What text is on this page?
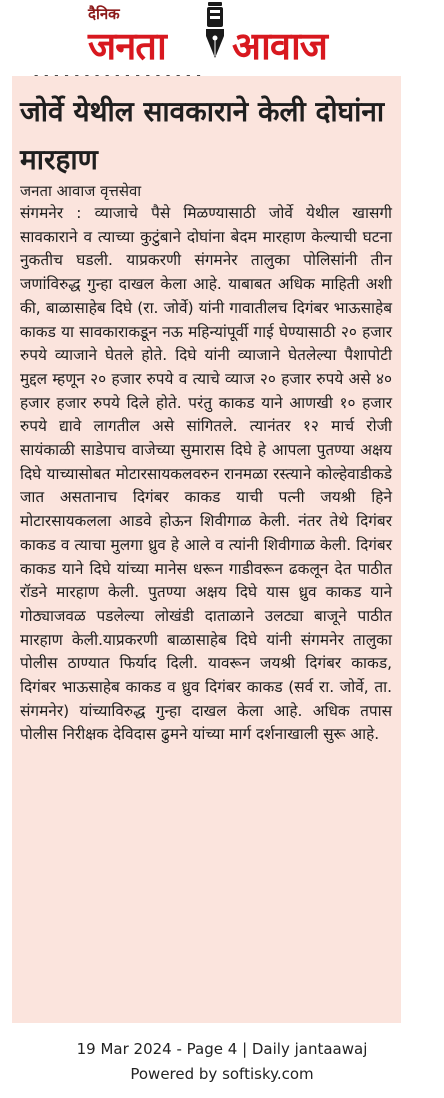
दैनिक
जनता आवाज
- - - - - - - - - - - - - - - - -
जोर्वे येथील सावकाराने केली दोघांना मारहाण
जनता आवाज वृत्तसेवा

संगमनेर : व्याजाचे पैसे मिळण्यासाठी जोर्वे येथील खासगी सावकाराने व त्याच्या कुटुंबाने दोघांना बेदम मारहाण केल्याची घटना नुकतीच घडली. याप्रकरणी संगमनेर तालुका पोलिसांनी तीन जणांविरुद्ध गुन्हा दाखल केला आहे. याबाबत अधिक माहिती अशी की, बाळासाहेब दिघे (रा. जोर्वे) यांनी गावातीलच दिगंबर भाऊसाहेब काकड या सावकाराकडून नऊ महिन्यांपूर्वी गाई घेण्यासाठी २० हजार रुपये व्याजाने घेतले होते. दिघे यांनी व्याजाने घेतलेल्या पैशापोटी मुद्दल म्हणून २० हजार रुपये व त्याचे व्याज २० हजार रुपये असे ४० हजार हजार रुपये दिले होते. परंतु काकड याने आणखी १० हजार रुपये द्यावे लागतील असे सांगितले. त्यानंतर १२ मार्च रोजी सायंकाळी साडेपाच वाजेच्या सुमारास दिघे हे आपला पुतण्या अक्षय दिघे याच्यासोबत मोटारसायकलवरुन रानमळा रस्त्याने कोल्हेवाडीकडे जात असतानाच दिगंबर काकड याची पत्नी जयश्री हिने मोटारसायकलला आडवे होऊन शिवीगाळ केली. नंतर तेथे दिगंबर काकड व त्याचा मुलगा ध्रुव हे आले व त्यांनी शिवीगाळ केली. दिगंबर काकड याने दिघे यांच्या मानेस धरून गाडीवरून ढकलून देत पाठीत रॉडने मारहाण केली. पुतण्या अक्षय दिघे यास ध्रुव काकड याने गोठ्याजवळ पडलेल्या लोखंडी दाताळाने उलट्या बाजूने पाठीत मारहाण केली.याप्रकरणी बाळासाहेब दिघे यांनी संगमनेर तालुका पोलीस ठाण्यात फिर्याद दिली. यावरून जयश्री दिगंबर काकड, दिगंबर भाऊसाहेब काकड व ध्रुव दिगंबर काकड (सर्व रा. जोर्वे, ता. संगमनेर) यांच्याविरुद्ध गुन्हा दाखल केला आहे. अधिक तपास पोलीस निरीक्षक देविदास ढुमने यांच्या मार्ग दर्शनाखाली सुरू आहे.

19 Mar 2024 - Page 4 | Daily jantaawaj
Powered by softisky.com
